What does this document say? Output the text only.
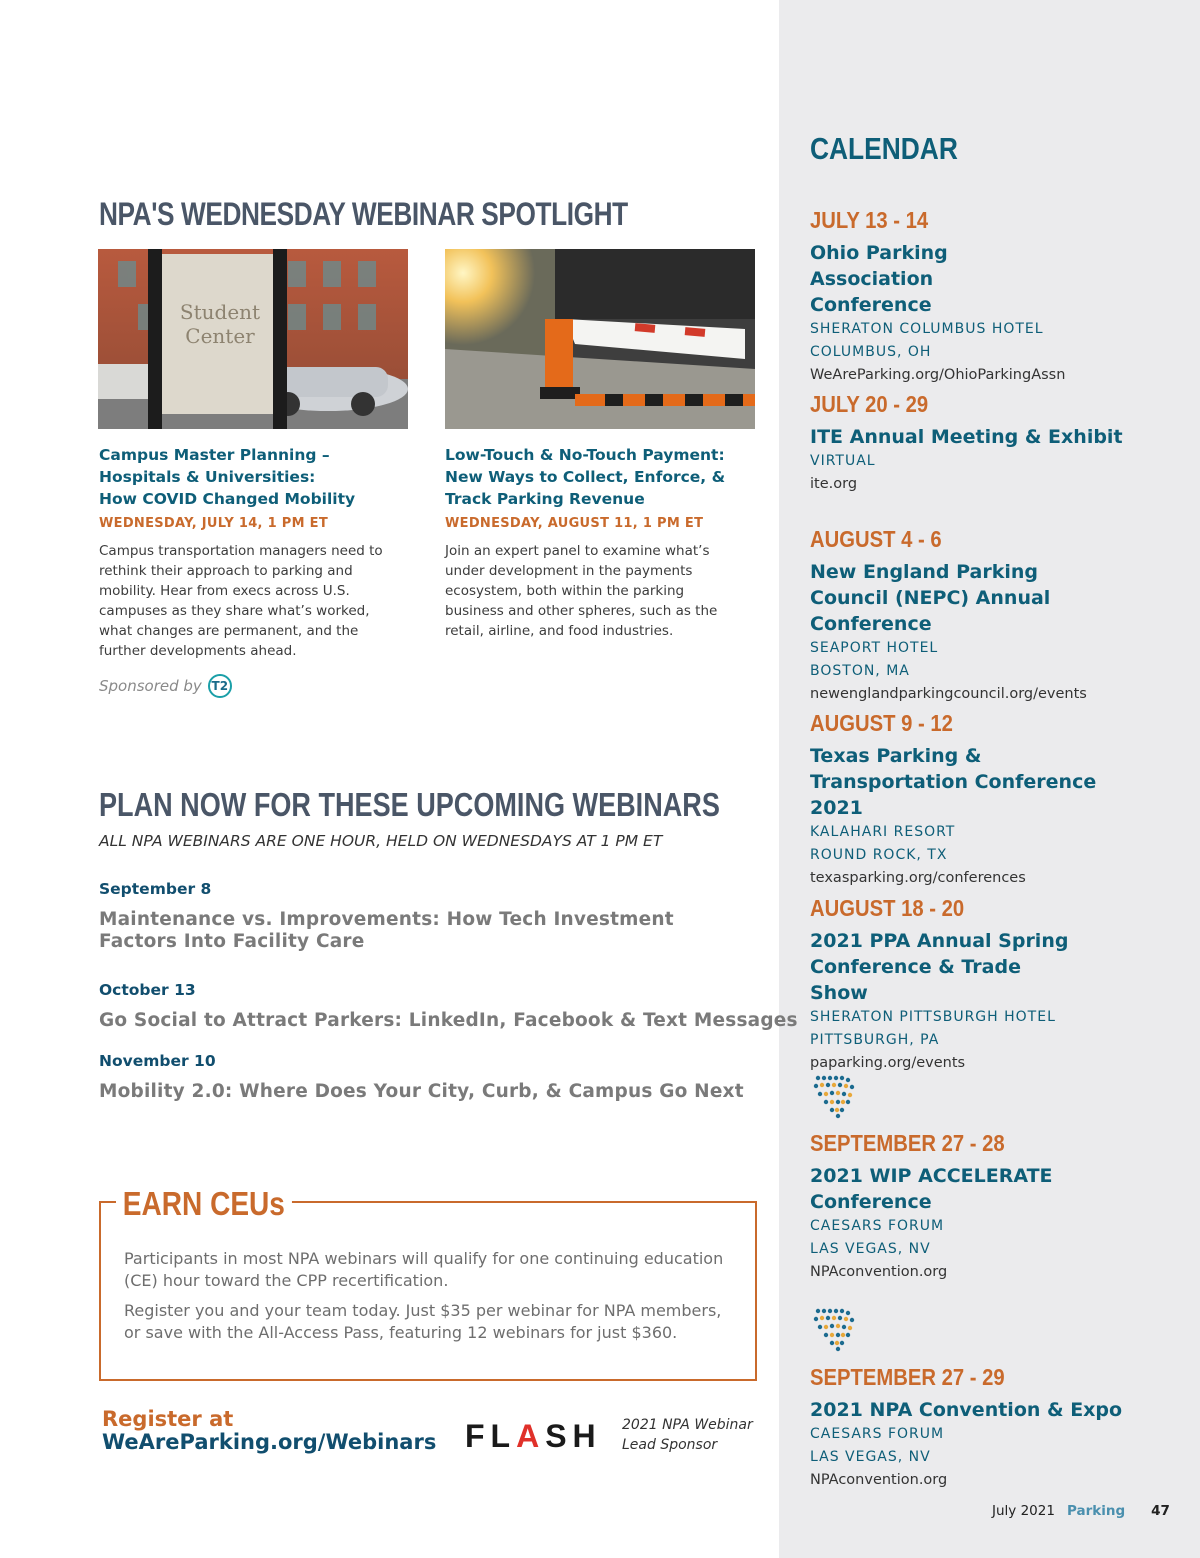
NPA'S WEDNESDAY WEBINAR SPOTLIGHT
Student
Center

Campus Master Planning –
Hospitals & Universities:
How COVID Changed Mobility

WEDNESDAY, JULY 14, 1 PM ET

Campus transportation managers need to rethink their approach to parking and mobility. Hear from execs across U.S. campuses as they share what’s worked, what changes are permanent, and the further developments ahead.

Low-Touch & No-Touch Payment:
New Ways to Collect, Enforce, &
Track Parking Revenue

WEDNESDAY, AUGUST 11, 1 PM ET

Join an expert panel to examine what’s under development in the payments ecosystem, both within the parking business and other spheres, such as the retail, airline, and food industries.

Sponsored by T2
PLAN NOW FOR THESE UPCOMING WEBINARS

ALL NPA WEBINARS ARE ONE HOUR, HELD ON WEDNESDAYS AT 1 PM ET

September 8

Maintenance vs. Improvements: How Tech Investment
Factors Into Facility Care

October 13

Go Social to Attract Parkers: LinkedIn, Facebook & Text Messages

November 10

Mobility 2.0: Where Does Your City, Curb, & Campus Go Next

EARN CEUs

Participants in most NPA webinars will qualify for one continuing education (CE) hour toward the CPP recertification.

Register you and your team today. Just $35 per webinar for NPA members, or save with the All-Access Pass, featuring 12 webinars for just $360.

Register at

WeAreParking.org/Webinars FLASH 2021 NPA Webinar
Lead Sponsor

CALENDAR

JULY 13 - 14

Ohio Parking Association Conference

SHERATON COLUMBUS HOTEL

COLUMBUS, OH

WeAreParking.org/OhioParkingAssn

JULY 20 - 29

ITE Annual Meeting & Exhibit

VIRTUAL

ite.org

AUGUST 4 - 6

New England Parking Council (NEPC) Annual Conference

SEAPORT HOTEL

BOSTON, MA

newenglandparkingcouncil.org/events

AUGUST 9 - 12

Texas Parking & Transportation Conference 2021

KALAHARI RESORT

ROUND ROCK, TX

texasparking.org/conferences

AUGUST 18 - 20

2021 PPA Annual Spring Conference & Trade Show

SHERATON PITTSBURGH HOTEL

PITTSBURGH, PA

paparking.org/events

SEPTEMBER 27 - 28

2021 WIP ACCELERATE Conference

CAESARS FORUM

LAS VEGAS, NV

NPAconvention.org

SEPTEMBER 27 - 29

2021 NPA Convention & Expo

CAESARS FORUM

LAS VEGAS, NV

NPAconvention.org

July 2021 Parking 47
